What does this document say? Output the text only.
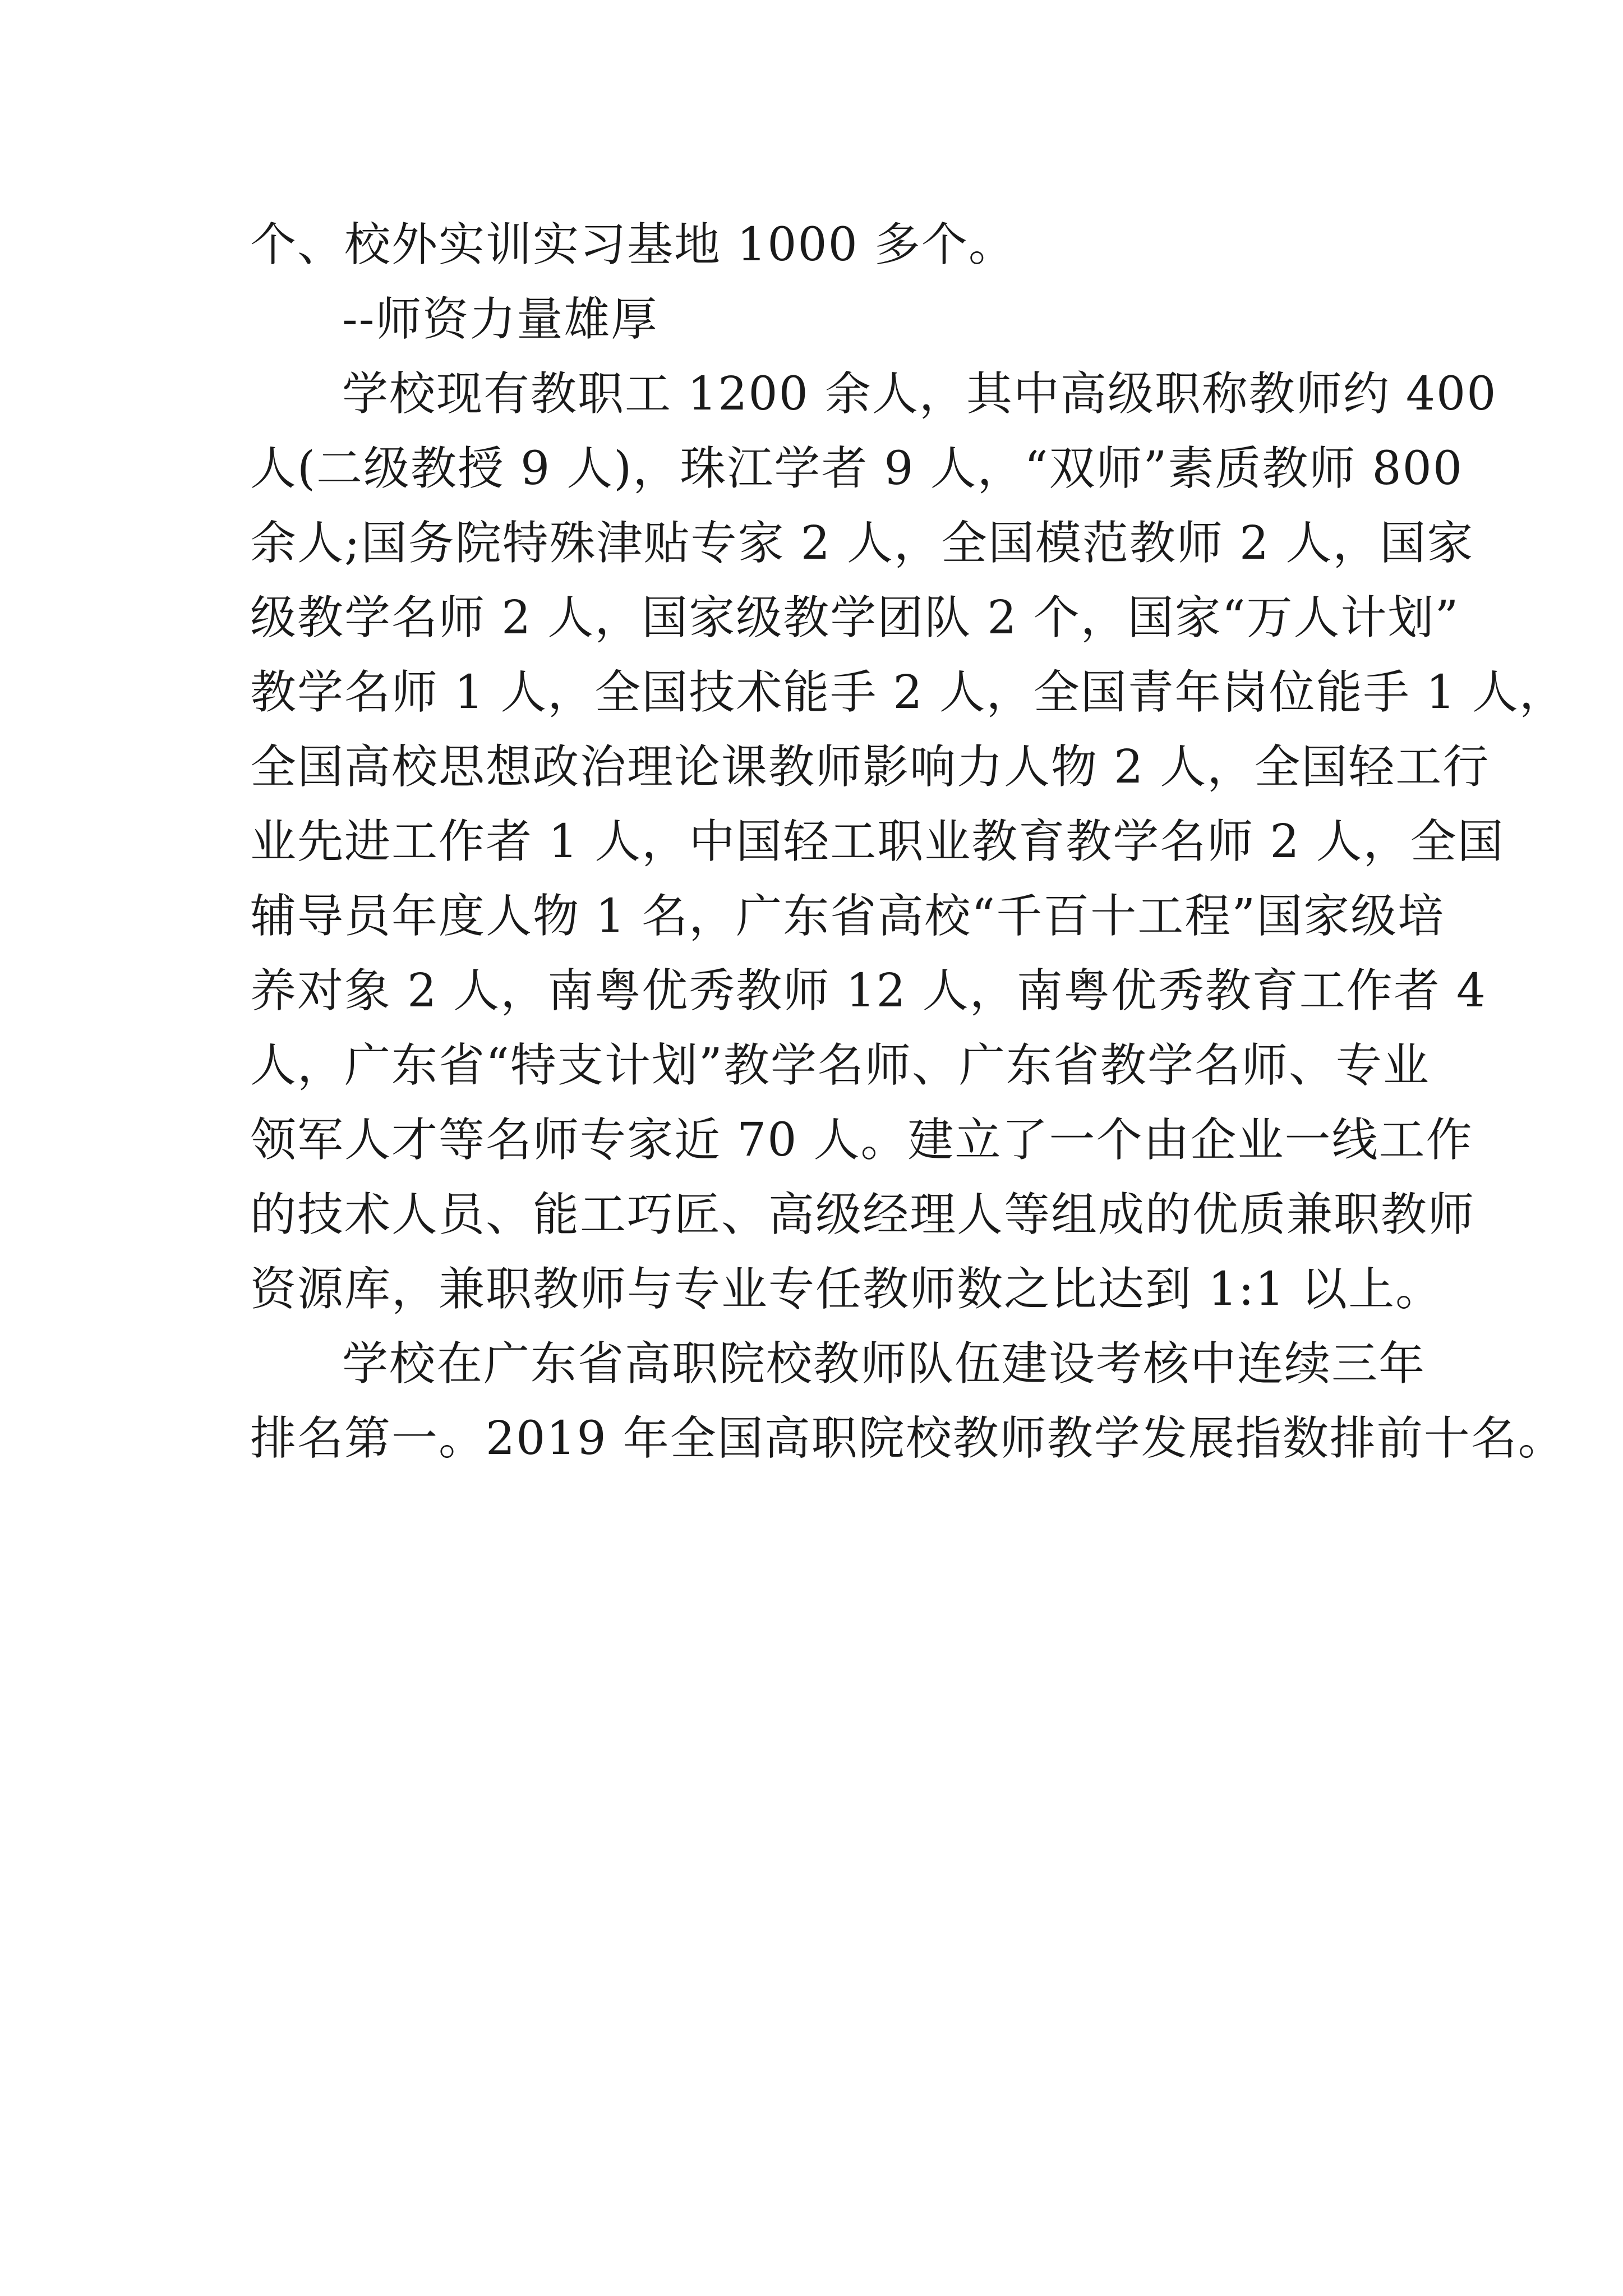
个、校外实训实习基地 1000 多个。
--师资力量雄厚
学校现有教职工 1200 余人，其中高级职称教师约 400
人(二级教授 9 人)，珠江学者 9 人，“双师”素质教师 800
余人;国务院特殊津贴专家 2 人，全国模范教师 2 人，国家
级教学名师 2 人，国家级教学团队 2 个，国家“万人计划”
教学名师 1 人，全国技术能手 2 人，全国青年岗位能手 1 人，
全国高校思想政治理论课教师影响力人物 2 人，全国轻工行
业先进工作者 1 人，中国轻工职业教育教学名师 2 人，全国
辅导员年度人物 1 名，广东省高校“千百十工程”国家级培
养对象 2 人，南粤优秀教师 12 人，南粤优秀教育工作者 4
人，广东省“特支计划”教学名师、广东省教学名师、专业
领军人才等名师专家近 70 人。建立了一个由企业一线工作
的技术人员、能工巧匠、高级经理人等组成的优质兼职教师
资源库，兼职教师与专业专任教师数之比达到 1:1 以上。
学校在广东省高职院校教师队伍建设考核中连续三年
排名第一。2019 年全国高职院校教师教学发展指数排前十名。
